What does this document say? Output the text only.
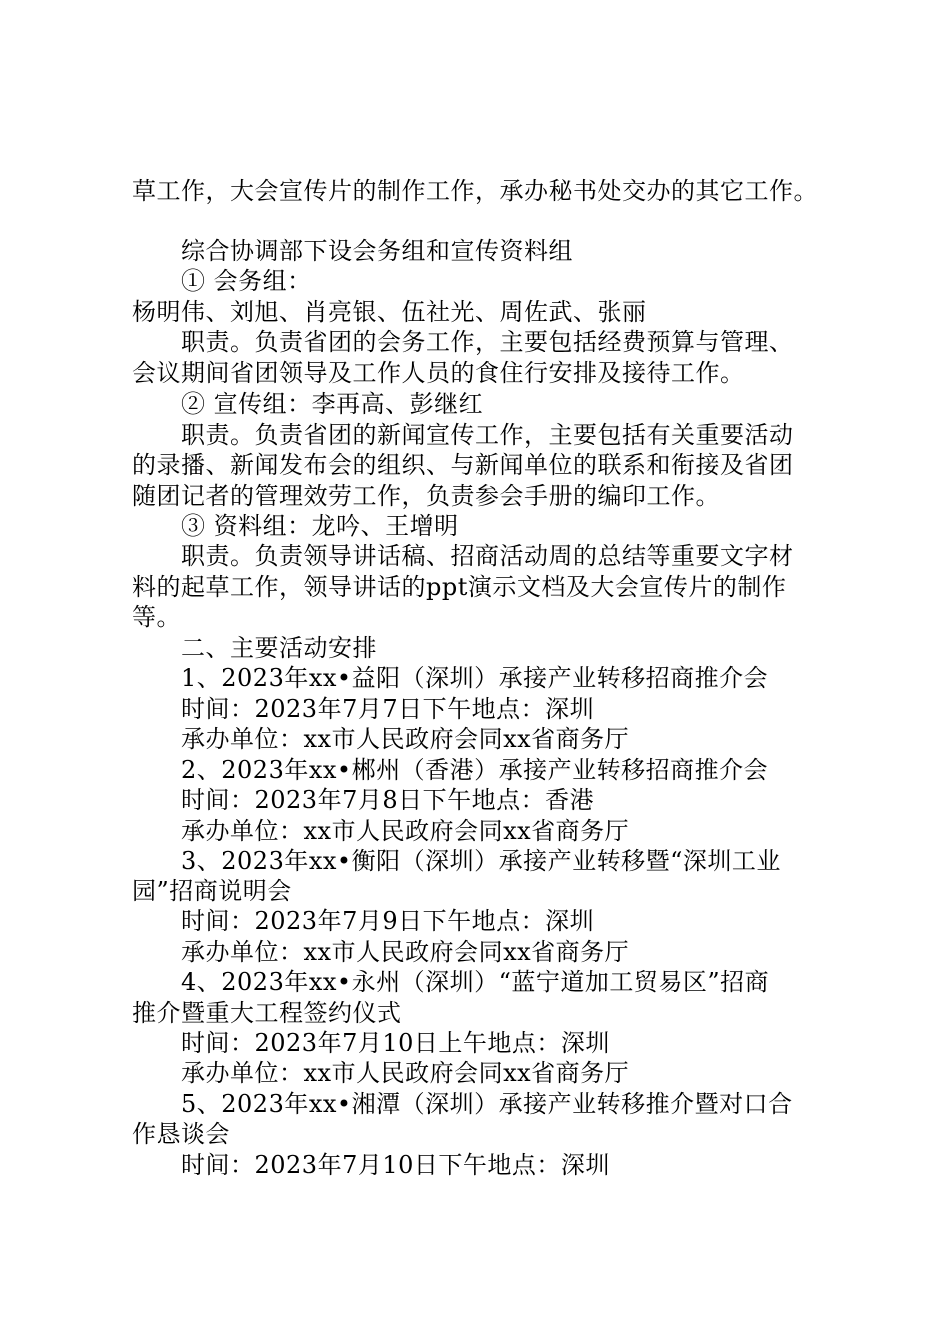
草工作，大会宣传片的制作工作，承办秘书处交办的其它工作。
综合协调部下设会务组和宣传资料组
① 会务组：
杨明伟、刘旭、肖亮银、伍社光、周佐武、张丽
职责。负责省团的会务工作，主要包括经费预算与管理、
会议期间省团领导及工作人员的食住行安排及接待工作。
② 宣传组：李再高、彭继红
职责。负责省团的新闻宣传工作，主要包括有关重要活动
的录播、新闻发布会的组织、与新闻单位的联系和衔接及省团
随团记者的管理效劳工作，负责参会手册的编印工作。
③ 资料组：龙吟、王增明
职责。负责领导讲话稿、招商活动周的总结等重要文字材
料的起草工作，领导讲话的ppt演示文档及大会宣传片的制作
等。
二、主要活动安排
1、2023年xx•益阳（深圳）承接产业转移招商推介会
时间：2023年7月7日下午地点：深圳
承办单位：xx市人民政府会同xx省商务厅
2、2023年xx•郴州（香港）承接产业转移招商推介会
时间：2023年7月8日下午地点：香港
承办单位：xx市人民政府会同xx省商务厅
3、2023年xx•衡阳（深圳）承接产业转移暨“深圳工业
园”招商说明会
时间：2023年7月9日下午地点：深圳
承办单位：xx市人民政府会同xx省商务厅
4、2023年xx•永州（深圳）“蓝宁道加工贸易区”招商
推介暨重大工程签约仪式
时间：2023年7月10日上午地点：深圳
承办单位：xx市人民政府会同xx省商务厅
5、2023年xx•湘潭（深圳）承接产业转移推介暨对口合
作恳谈会
时间：2023年7月10日下午地点：深圳
